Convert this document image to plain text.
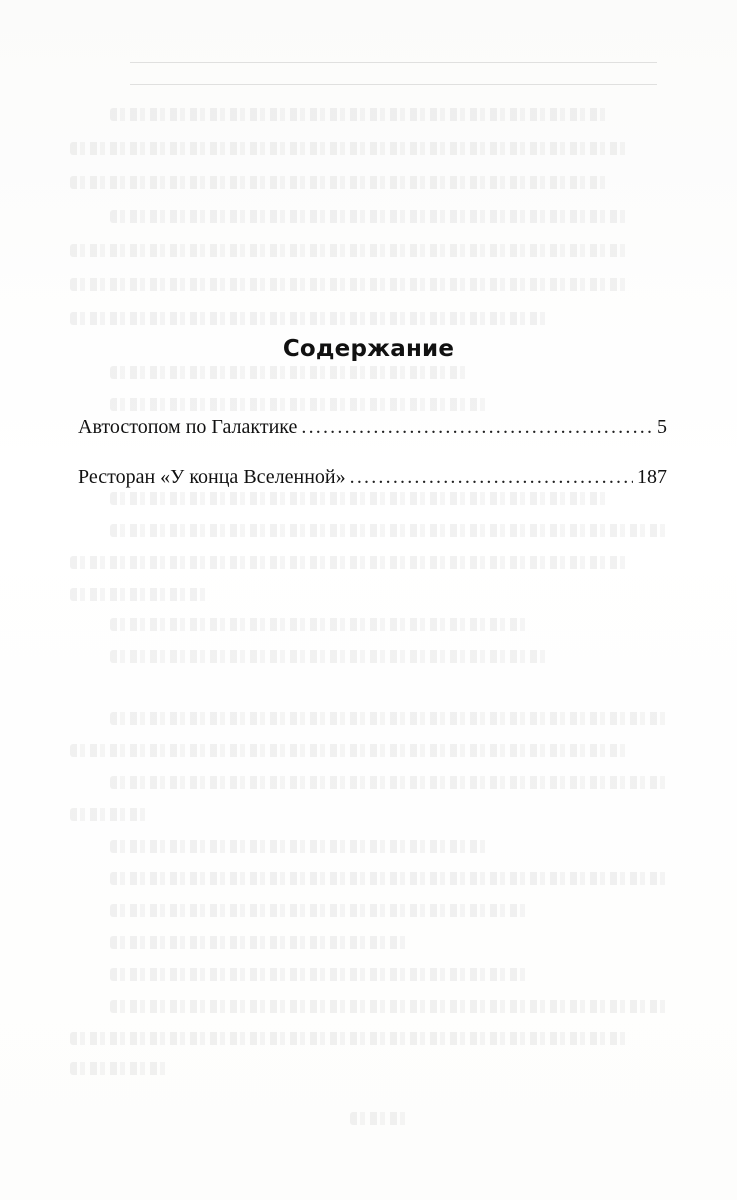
Содержание
Автостопом по Галактике . . .	5
Ресторан «У конца Вселенной» . . .	187
